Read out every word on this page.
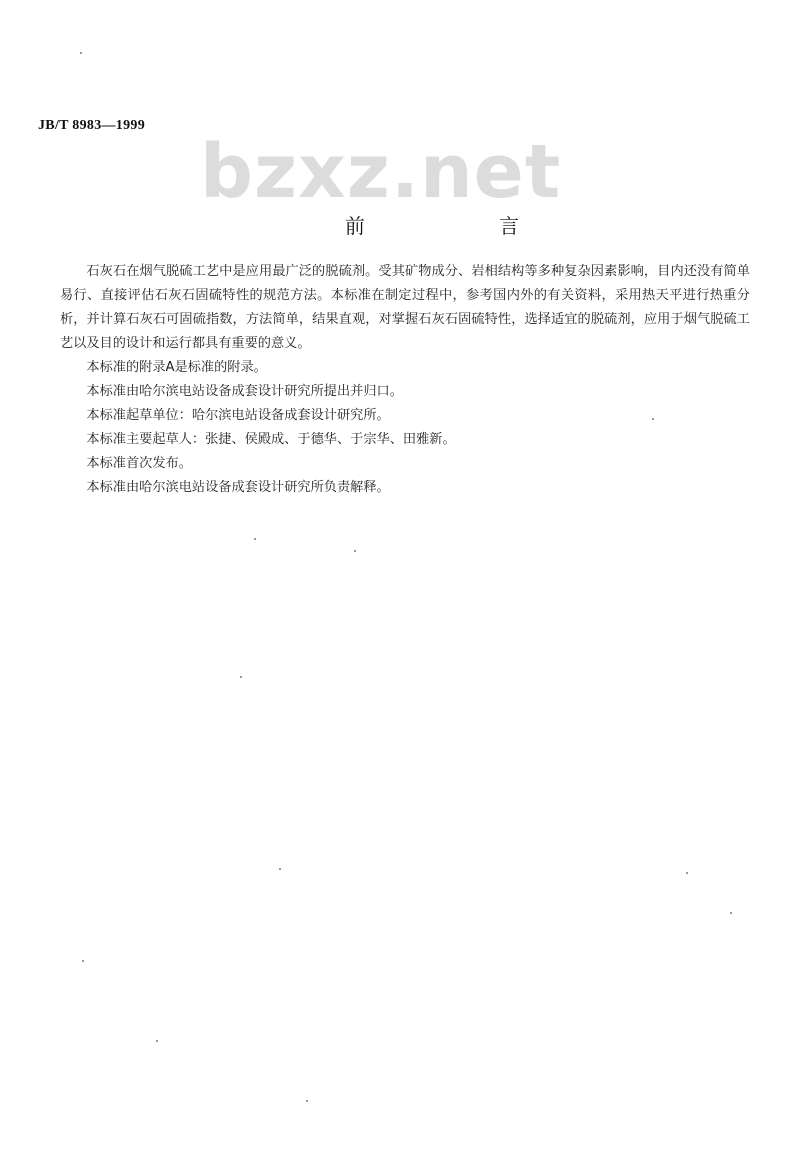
JB/T 8983—1999
bzxz.net
前 言

石灰石在烟气脱硫工艺中是应用最广泛的脱硫剂。受其矿物成分、岩相结构等多种复杂因素影响，目内还没有简单易行、直接评估石灰石固硫特性的规范方法。本标准在制定过程中，参考国内外的有关资料，采用热天平进行热重分析，并计算石灰石可固硫指数，方法简单，结果直观，对掌握石灰石固硫特性，选择适宜的脱硫剂，应用于烟气脱硫工艺以及目的设计和运行都具有重要的意义。

本标准的附录A是标准的附录。

本标准由哈尔滨电站设备成套设计研究所提出并归口。

本标准起草单位：哈尔滨电站设备成套设计研究所。

本标准主要起草人：张捷、侯殿成、于德华、于宗华、田雅新。

本标准首次发布。

本标准由哈尔滨电站设备成套设计研究所负责解释。
